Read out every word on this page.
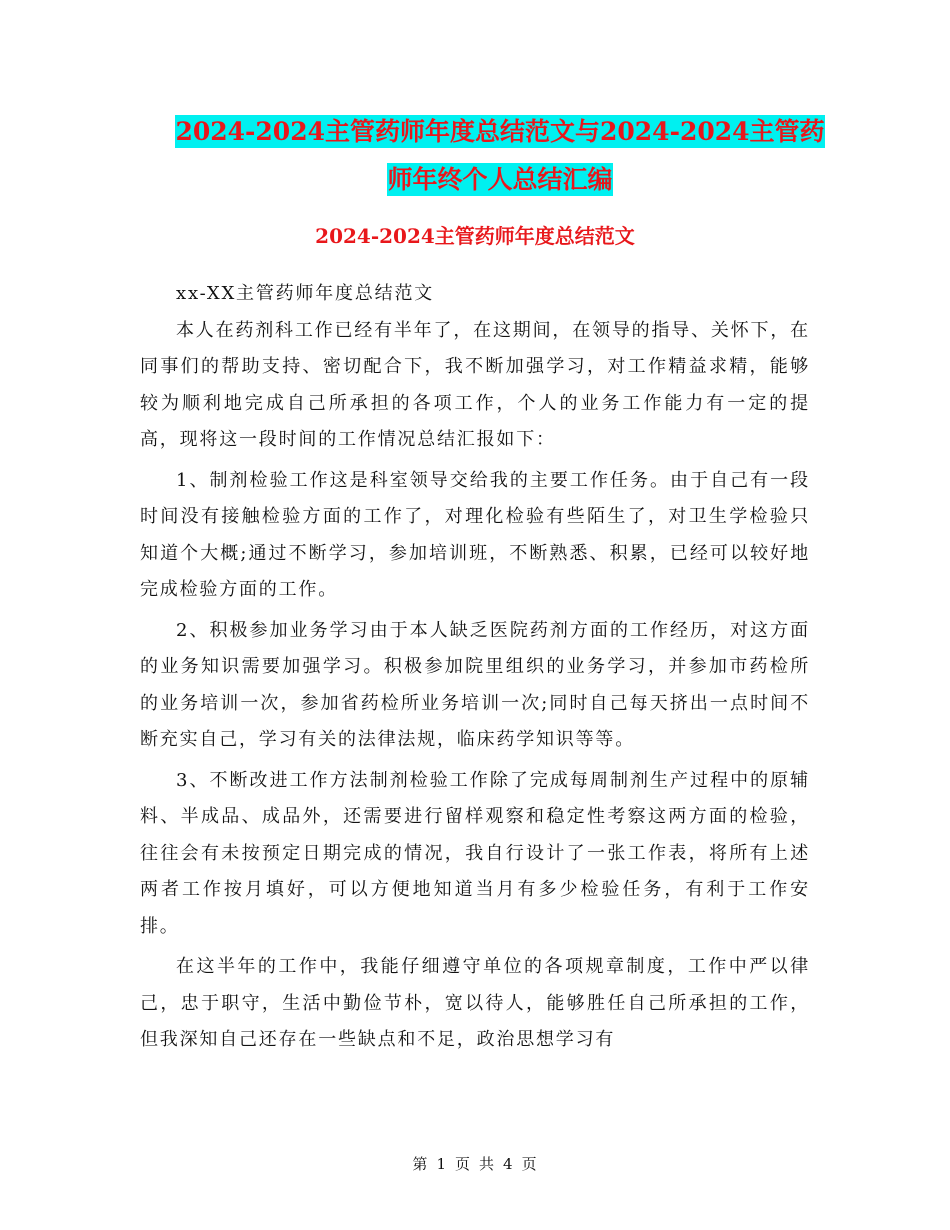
2024-2024主管药师年度总结范文与2024-2024主管药
师年终个人总结汇编
2024-2024主管药师年度总结范文

xx-XX主管药师年度总结范文

本人在药剂科工作已经有半年了，在这期间，在领导的指导、关怀下，在同事们的帮助支持、密切配合下，我不断加强学习，对工作精益求精，能够较为顺利地完成自己所承担的各项工作，个人的业务工作能力有一定的提高，现将这一段时间的工作情况总结汇报如下：

1、制剂检验工作这是科室领导交给我的主要工作任务。由于自己有一段时间没有接触检验方面的工作了，对理化检验有些陌生了，对卫生学检验只知道个大概;通过不断学习，参加培训班，不断熟悉、积累，已经可以较好地完成检验方面的工作。

2、积极参加业务学习由于本人缺乏医院药剂方面的工作经历，对这方面的业务知识需要加强学习。积极参加院里组织的业务学习，并参加市药检所的业务培训一次，参加省药检所业务培训一次;同时自己每天挤出一点时间不断充实自己，学习有关的法律法规，临床药学知识等等。

3、不断改进工作方法制剂检验工作除了完成每周制剂生产过程中的原辅料、半成品、成品外，还需要进行留样观察和稳定性考察这两方面的检验，往往会有未按预定日期完成的情况，我自行设计了一张工作表，将所有上述两者工作按月填好，可以方便地知道当月有多少检验任务，有利于工作安排。

在这半年的工作中，我能仔细遵守单位的各项规章制度，工作中严以律己，忠于职守，生活中勤俭节朴，宽以待人，能够胜任自己所承担的工作，但我深知自己还存在一些缺点和不足，政治思想学习有

第 1 页 共 4 页
